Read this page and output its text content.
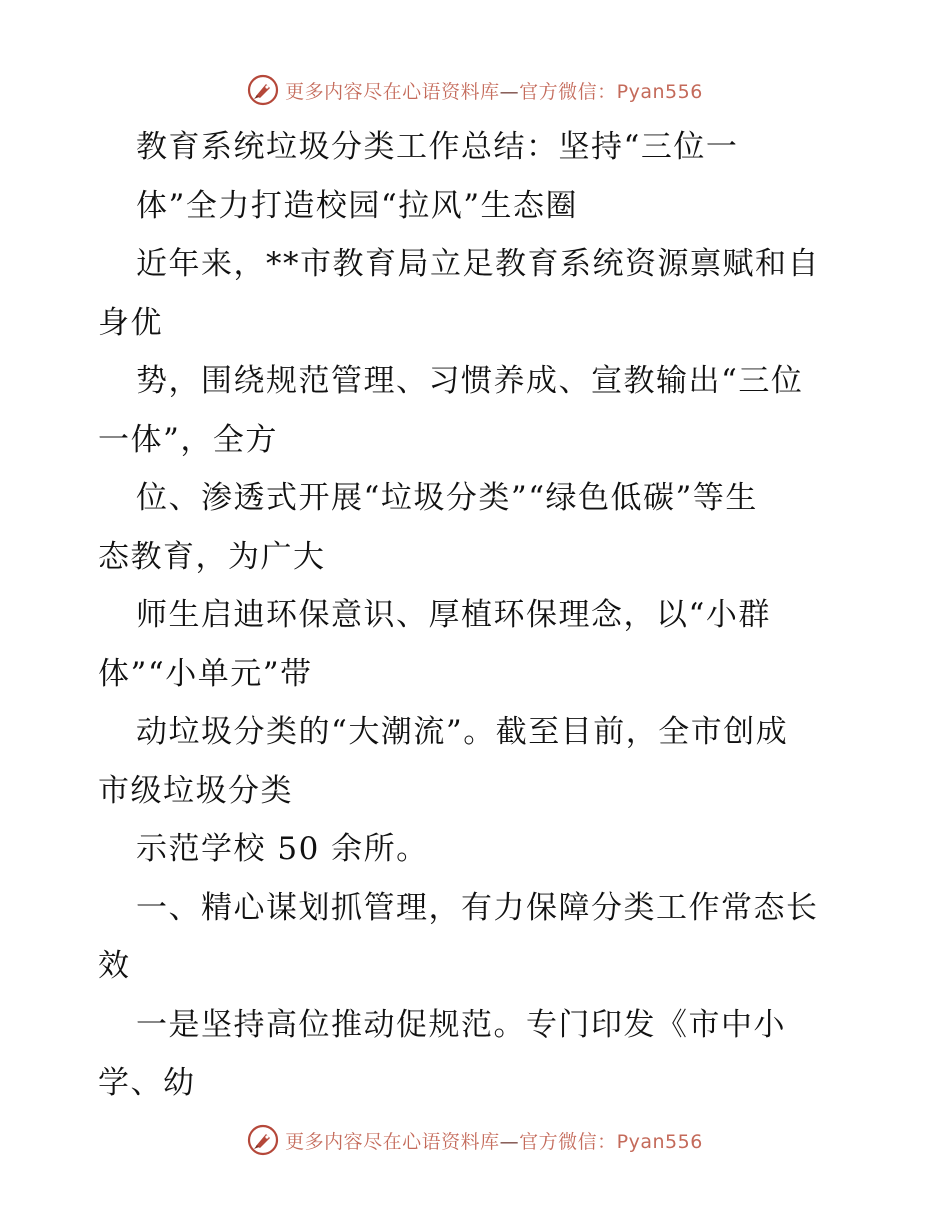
更多内容尽在心语资料库—官方微信：Pyan556
教育系统垃圾分类工作总结：坚持“三位一
体”全力打造校园“拉风”生态圈
近年来，**市教育局立足教育系统资源禀赋和自
身优
势，围绕规范管理、习惯养成、宣教输出“三位
一体”，全方
位、渗透式开展“垃圾分类”“绿色低碳”等生
态教育，为广大
师生启迪环保意识、厚植环保理念，以“小群
体”“小单元”带
动垃圾分类的“大潮流”。截至目前，全市创成
市级垃圾分类
示范学校 50 余所。
一、精心谋划抓管理，有力保障分类工作常态长
效
一是坚持高位推动促规范。专门印发《市中小
学、幼
更多内容尽在心语资料库—官方微信：Pyan556
